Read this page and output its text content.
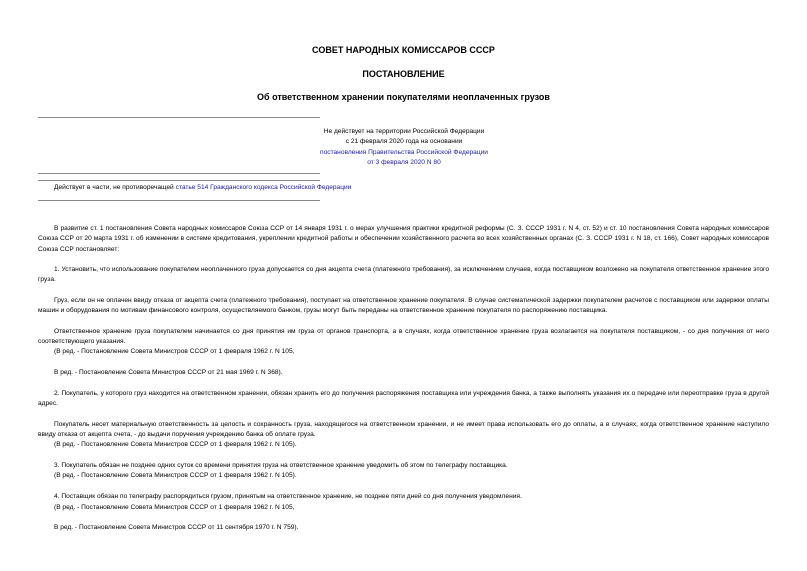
СОВЕТ НАРОДНЫХ КОМИССАРОВ СССР
ПОСТАНОВЛЕНИЕ
Об ответственном хранении покупателями неоплаченных грузов
Не действует на территории Российской Федерации
с 21 февраля 2020 года на основании
постановления Правительства Российской Федерации
от 3 февраля 2020 N 80
Действует в части, не противоречащей статье 514 Гражданского кодекса Российской Федерации
В развитие ст. 1 постановления Совета народных комиссаров Союза ССР от 14 января 1931 г. о мерах улучшения практики кредитной реформы (С. З. СССР 1931 г. N 4, ст. 52) и ст. 10 постановления Совета народных комиссаров Союза ССР от 20 марта 1931 г. об изменении в системе кредитования, укреплении кредитной работы и обеспечении хозяйственного расчета во всех хозяйственных органах (С. З. СССР 1931 г. N 18, ст. 166), Совет народных комиссаров Союза ССР постановляет:
1. Установить, что использование покупателем неоплаченного груза допускается со дня акцепта счета (платежного требования), за исключением случаев, когда поставщиком возложено на покупателя ответственное хранение этого груза.
Груз, если он не оплачен ввиду отказа от акцепта счета (платежного требования), поступает на ответственное хранение покупателя. В случае систематической задержки покупателем расчетов с поставщиком или задержки оплаты машин и оборудования по мотивам финансового контроля, осуществляемого банком, грузы могут быть переданы на ответственное хранение покупателя по распоряжению поставщика.
Ответственное хранение груза покупателем начинается со дня принятия им груза от органов транспорта, а в случаях, когда ответственное хранение груза возлагается на покупателя поставщиком, - со дня получения от него соответствующего указания.
(В ред. - Постановление Совета Министров СССР от 1 февраля 1962 г. N 105,
В ред. - Постановление Совета Министров СССР от 21 мая 1969 г. N 368).
2. Покупатель, у которого груз находится на ответственном хранении, обязан хранить его до получения распоряжения поставщика или учреждения банка, а также выполнять указания их о передаче или переотправке груза в другой адрес.
Покупатель несет материальную ответственность за целость и сохранность груза, находящегося на ответственном хранении, и не имеет права использовать его до оплаты, а в случаях, когда ответственное хранение наступило ввиду отказа от акцепта счета, - до выдачи поручения учреждению банка об оплате груза.
(В ред. - Постановление Совета Министров СССР от 1 февраля 1962 г. N 105).
3. Покупатель обязан не позднее одних суток со времени принятия груза на ответственное хранение уведомить об этом по телеграфу поставщика.
(В ред. - Постановление Совета Министров СССР от 1 февраля 1962 г. N 105).
4. Поставщик обязан по телеграфу распорядиться грузом, принятым на ответственное хранение, не позднее пяти дней со дня получения уведомления.
(В ред. - Постановление Совета Министров СССР от 1 февраля 1962 г. N 105,
В ред. - Постановление Совета Министров СССР от 11 сентября 1970 г. N 759).
